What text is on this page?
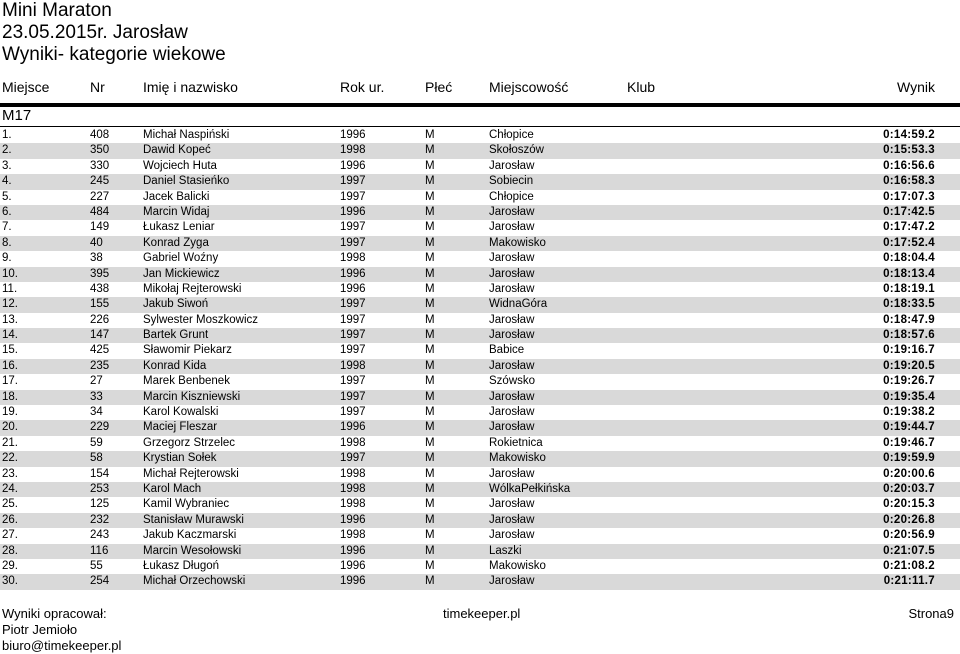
Mini Maraton
23.05.2015r. Jarosław
Wyniki- kategorie wiekowe
Miejsce	Nr	Imię i nazwisko	Rok ur.	Płeć	Miejscowość	Klub	Wynik
M17
1.	408	Michał Naspiński	1996	M	Chłopice	0:14:59.2
2.	350	Dawid Kopeć	1998	M	Skołoszów	0:15:53.3
3.	330	Wojciech Huta	1996	M	Jarosław	0:16:56.6
4.	245	Daniel Stasieńko	1997	M	Sobiecin	0:16:58.3
5.	227	Jacek Balicki	1997	M	Chłopice	0:17:07.3
6.	484	Marcin Widaj	1996	M	Jarosław	0:17:42.5
7.	149	Łukasz Leniar	1997	M	Jarosław	0:17:47.2
8.	40	Konrad Zyga	1997	M	Makowisko	0:17:52.4
9.	38	Gabriel Woźny	1998	M	Jarosław	0:18:04.4
10.	395	Jan Mickiewicz	1996	M	Jarosław	0:18:13.4
11.	438	Mikołaj Rejterowski	1996	M	Jarosław	0:18:19.1
12.	155	Jakub Siwoń	1997	M	WidnaGóra	0:18:33.5
13.	226	Sylwester Moszkowicz	1997	M	Jarosław	0:18:47.9
14.	147	Bartek Grunt	1997	M	Jarosław	0:18:57.6
15.	425	Sławomir Piekarz	1997	M	Babice	0:19:16.7
16.	235	Konrad Kida	1998	M	Jarosław	0:19:20.5
17.	27	Marek Benbenek	1997	M	Szówsko	0:19:26.7
18.	33	Marcin Kiszniewski	1997	M	Jarosław	0:19:35.4
19.	34	Karol Kowalski	1997	M	Jarosław	0:19:38.2
20.	229	Maciej Fleszar	1996	M	Jarosław	0:19:44.7
21.	59	Grzegorz Strzelec	1998	M	Rokietnica	0:19:46.7
22.	58	Krystian Sołek	1997	M	Makowisko	0:19:59.9
23.	154	Michał Rejterowski	1998	M	Jarosław	0:20:00.6
24.	253	Karol Mach	1998	M	WólkaPełkińska	0:20:03.7
25.	125	Kamil Wybraniec	1998	M	Jarosław	0:20:15.3
26.	232	Stanisław Murawski	1996	M	Jarosław	0:20:26.8
27.	243	Jakub Kaczmarski	1998	M	Jarosław	0:20:56.9
28.	116	Marcin Wesołowski	1996	M	Laszki	0:21:07.5
29.	55	Łukasz Długoń	1996	M	Makowisko	0:21:08.2
30.	254	Michał Orzechowski	1996	M	Jarosław	0:21:11.7
Wyniki opracował:
Piotr Jemioło
biuro@timekeeper.pl
timekeeper.pl	Strona9
